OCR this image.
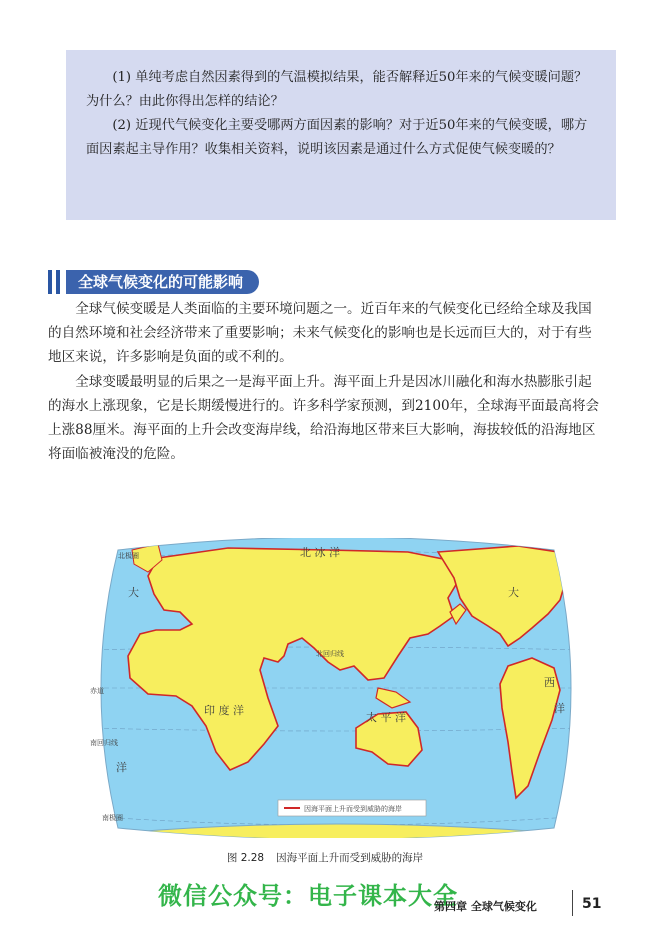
(1) 单纯考虑自然因素得到的气温模拟结果，能否解释近50年来的气候变暖问题？为什么？由此你得出怎样的结论？

(2) 近现代气候变化主要受哪两方面因素的影响？对于近50年来的气候变暖，哪方面因素起主导作用？收集相关资料，说明该因素是通过什么方式促使气候变暖的？

全球气候变化的可能影响

全球气候变暖是人类面临的主要环境问题之一。近百年来的气候变化已经给全球及我国的自然环境和社会经济带来了重要影响；未来气候变化的影响也是长远而巨大的，对于有些地区来说，许多影响是负面的或不利的。

全球变暖最明显的后果之一是海平面上升。海平面上升是因冰川融化和海水热膨胀引起的海水上涨现象，它是长期缓慢进行的。许多科学家预测，到2100年，全球海平面最高将会上涨88厘米。海平面的上升会改变海岸线，给沿海地区带来巨大影响，海拔较低的沿海地区将面临被淹没的危险。

北极圈	北 冰 洋
大	大
北回归线
赤道
西
洋
印 度 洋
太 平 洋
南回归线
洋
南极圈
因海平面上升而受到威胁的海岸
图 2.28 因海平面上升而受到威胁的海岸
微信公众号：电子课本大全
第四章 全球气候变化	51
